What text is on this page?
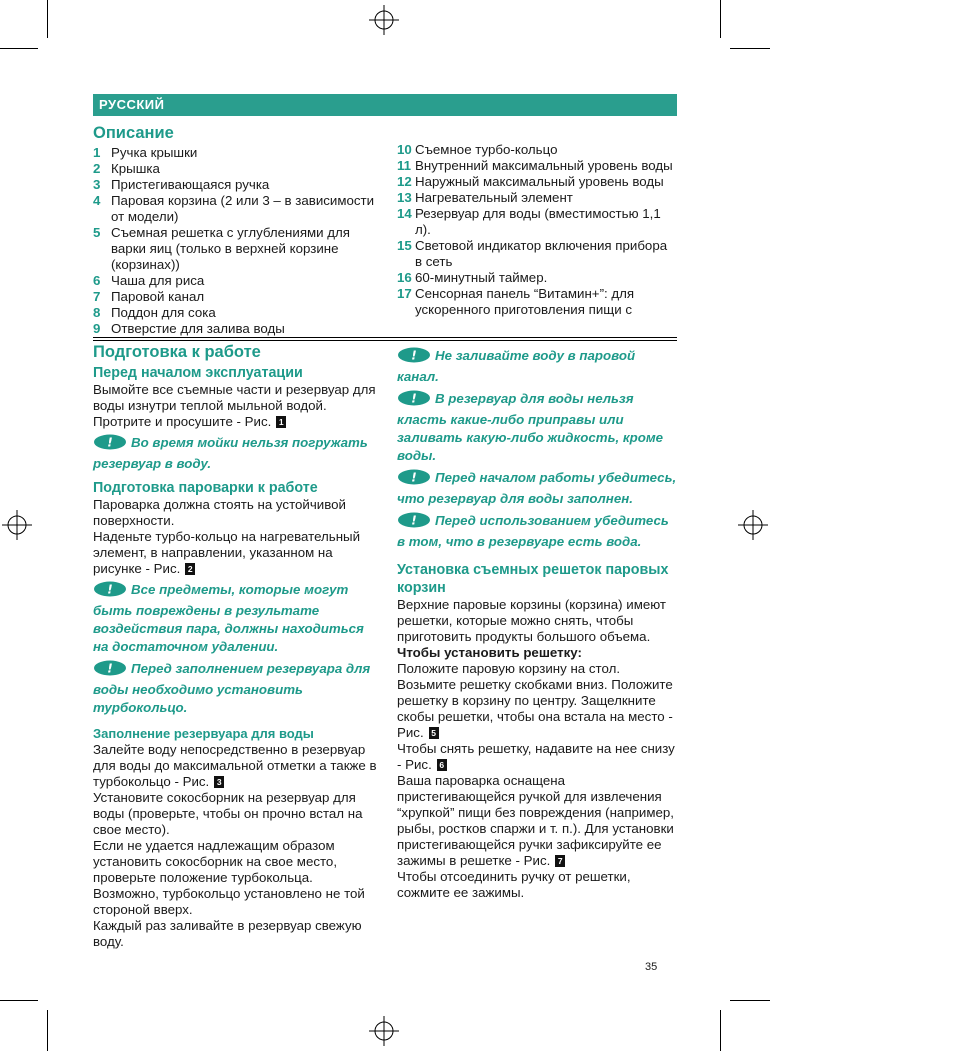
РУССКИЙ
Описание
1 Ручка крышки
2 Крышка
3 Пристегивающаяся ручка
4 Паровая корзина (2 или 3 – в зависимости от модели)
5 Съемная решетка с углублениями для варки яиц (только в верхней корзине (корзинах))
6 Чаша для риса
7 Паровой канал
8 Поддон для сока
9 Отверстие для залива воды
10 Съемное турбо-кольцо
11 Внутренний максимальный уровень воды
12 Наружный максимальный уровень воды
13 Нагревательный элемент
14 Резервуар для воды (вместимостью 1,1 л).
15 Световой индикатор включения прибора в сеть
16 60-минутный таймер.
17 Сенсорная панель “Витамин+”: для ускоренного приготовления пищи с
Подготовка к работе
Перед началом эксплуатации

Вымойте все съемные части и резервуар для воды изнутри теплой мыльной водой.

Протрите и просушите - Рис. 1

! Во время мойки нельзя погружать резервуар в воду.
Подготовка пароварки к работе

Пароварка должна стоять на устойчивой поверхности.

Наденьте турбо-кольцо на нагревательный элемент, в направлении, указанном на рисунке - Рис. 2

! Все предметы, которые могут быть повреждены в результате воздействия пара, должны находиться на достаточном удалении.
! Перед заполнением резервуара для воды необходимо установить турбокольцо.
Заполнение резервуара для воды

Залейте воду непосредственно в резервуар для воды до максимальной отметки а также в турбокольцо - Рис. 3

Установите сокосборник на резервуар для воды (проверьте, чтобы он прочно встал на свое место).

Если не удается надлежащим образом установить сокосборник на свое место, проверьте положение турбокольца. Возможно, турбокольцо установлено не той стороной вверх.

Каждый раз заливайте в резервуар свежую воду.

! Не заливайте воду в паровой канал.
! В резервуар для воды нельзя класть какие-либо приправы или заливать какую-либо жидкость, кроме воды.
! Перед началом работы убедитесь, что резервуар для воды заполнен.
! Перед использованием убедитесь в том, что в резервуаре есть вода.
Установка съемных решеток паровых корзин

Верхние паровые корзины (корзина) имеют решетки, которые можно снять, чтобы приготовить продукты большого объема.

Чтобы установить решетку:

Положите паровую корзину на стол. Возьмите решетку скобками вниз. Положите решетку в корзину по центру. Защелкните скобы решетки, чтобы она встала на место - Рис. 5

Чтобы снять решетку, надавите на нее снизу - Рис. 6

Ваша пароварка оснащена пристегивающейся ручкой для извлечения “хрупкой” пищи без повреждения (например, рыбы, ростков спаржи и т. п.). Для установки пристегивающейся ручки зафиксируйте ее зажимы в решетке - Рис. 7

Чтобы отсоединить ручку от решетки, сожмите ее зажимы.

35
